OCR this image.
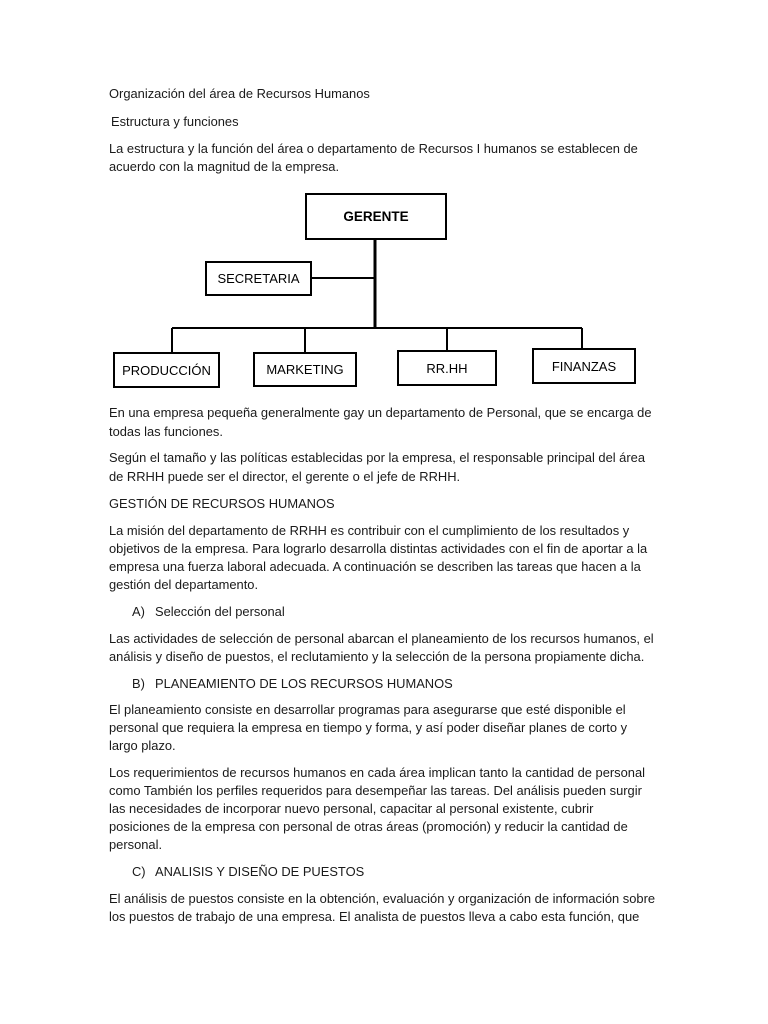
Organización del área de Recursos Humanos

Estructura y funciones

La estructura y la función del área o departamento de Recursos I humanos se establecen de

acuerdo con la magnitud de la empresa.

GERENTE
SECRETARIA
PRODUCCIÓN	MARKETING	RR.HH	FINANZAS

En una empresa pequeña generalmente gay un departamento de Personal, que se encarga de

todas las funciones.

Según el tamaño y las políticas establecidas por la empresa, el responsable principal del área

de RRHH puede ser el director, el gerente o el jefe de RRHH.

GESTIÓN DE RECURSOS HUMANOS

La misión del departamento de RRHH es contribuir con el cumplimiento de los resultados y

objetivos de la empresa. Para lograrlo desarrolla distintas actividades con el fin de aportar a la

empresa una fuerza laboral adecuada. A continuación se describen las tareas que hacen a la

gestión del departamento.

A) Selección del personal

Las actividades de selección de personal abarcan el planeamiento de los recursos humanos, el

análisis y diseño de puestos, el reclutamiento y la selección de la persona propiamente dicha.

B) PLANEAMIENTO DE LOS RECURSOS HUMANOS

El planeamiento consiste en desarrollar programas para asegurarse que esté disponible el

personal que requiera la empresa en tiempo y forma, y así poder diseñar planes de corto y

largo plazo.

Los requerimientos de recursos humanos en cada área implican tanto la cantidad de personal

como También los perfiles requeridos para desempeñar las tareas. Del análisis pueden surgir

las necesidades de incorporar nuevo personal, capacitar al personal existente, cubrir

posiciones de la empresa con personal de otras áreas (promoción) y reducir la cantidad de

personal.

C) ANALISIS Y DISEÑO DE PUESTOS

El análisis de puestos consiste en la obtención, evaluación y organización de información sobre

los puestos de trabajo de una empresa. El analista de puestos lleva a cabo esta función, que
